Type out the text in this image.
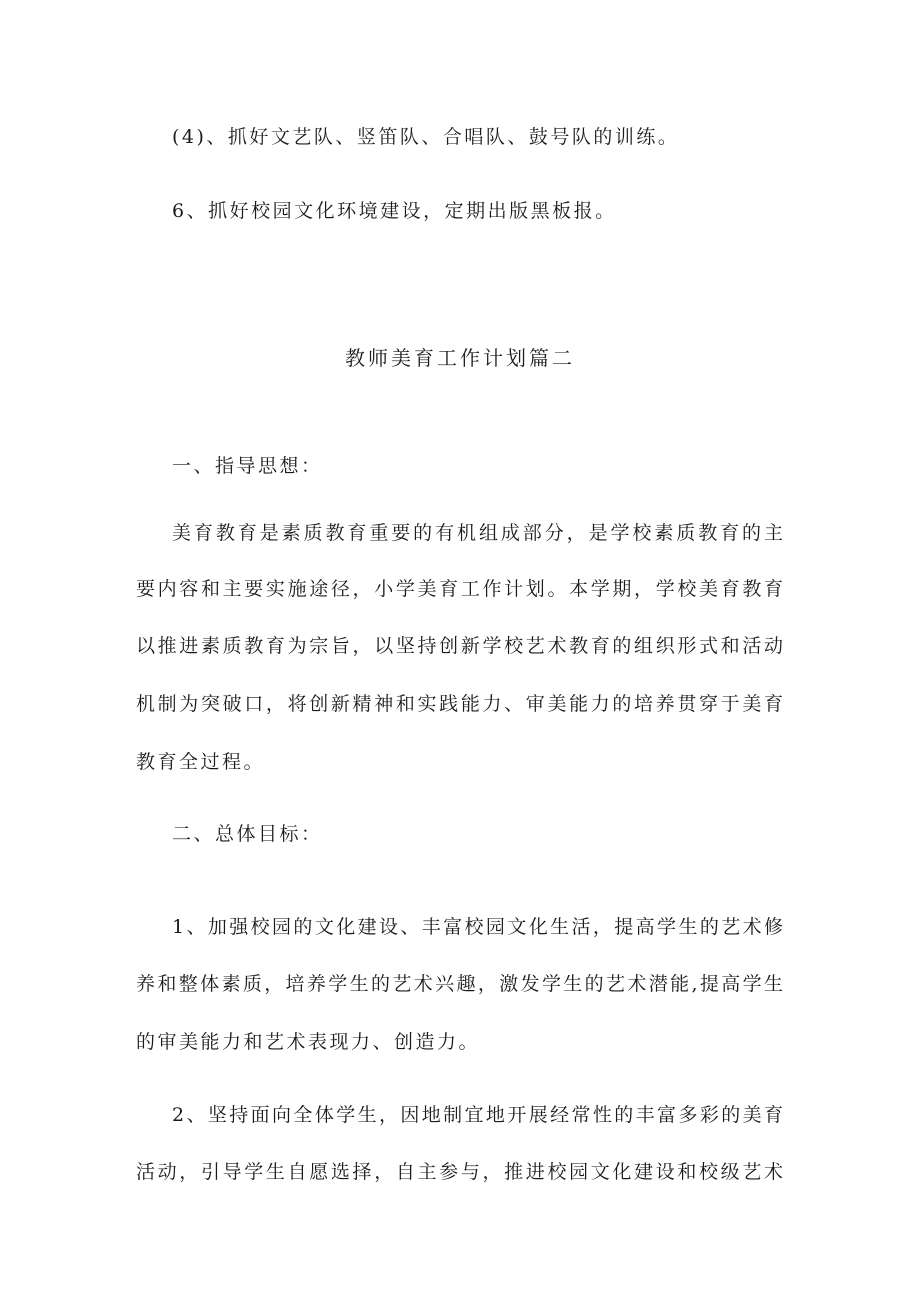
(4)、抓好文艺队、竖笛队、合唱队、鼓号队的训练。
6、抓好校园文化环境建设，定期出版黑板报。
教师美育工作计划篇二
一、指导思想：
美育教育是素质教育重要的有机组成部分，是学校素质教育的主
要内容和主要实施途径，小学美育工作计划。本学期，学校美育教育
以推进素质教育为宗旨，以坚持创新学校艺术教育的组织形式和活动
机制为突破口，将创新精神和实践能力、审美能力的培养贯穿于美育
教育全过程。
二、总体目标：
1、加强校园的文化建设、丰富校园文化生活，提高学生的艺术修
养和整体素质，培养学生的艺术兴趣，激发学生的艺术潜能,提高学生
的审美能力和艺术表现力、创造力。
2、坚持面向全体学生，因地制宜地开展经常性的丰富多彩的美育
活动，引导学生自愿选择，自主参与，推进校园文化建设和校级艺术
